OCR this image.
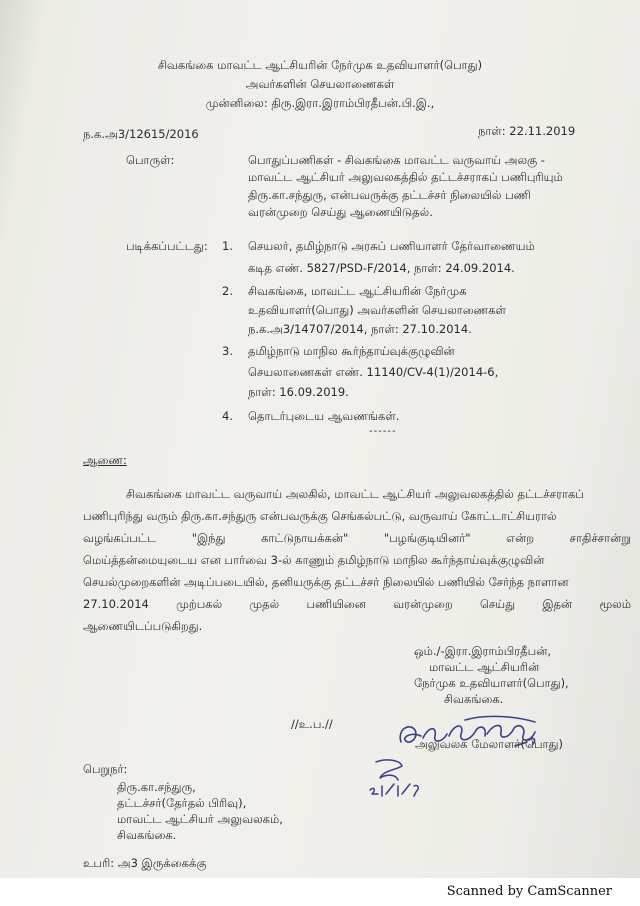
சிவகங்கை மாவட்ட ஆட்சியரின் நேர்முக உதவியாளர்(பொது)
அவர்களின் செயலாணைகள்
முன்னிலை: திரு.இரா.இராம்பிரதீபன்.பி.இ.,
ந.க.அ3/12615/2016	நாள்: 22.11.2019
பொருள்:	பொதுப்பணிகள் - சிவகங்கை மாவட்ட வருவாய் அலகு -
மாவட்ட ஆட்சியர் அலுவலகத்தில் தட்டச்சராகப் பணிபுரியும்
திரு.கா.சந்துரு, என்பவருக்கு தட்டச்சர் நிலையில் பணி
வரன்முறை செய்து ஆணையிடுதல்.
படிக்கப்பட்டது: 1. செயலர், தமிழ்நாடு அரசுப் பணியாளர் தேர்வாணையம்
கடித எண். 5827/PSD-F/2014, நாள்: 24.09.2014.
2. சிவகங்கை, மாவட்ட ஆட்சியரின் நேர்முக
உதவியாளர்(பொது) அவர்களின் செயலாணைகள்
ந.க.அ3/14707/2014, நாள்: 27.10.2014.
3. தமிழ்நாடு மாநில கூர்ந்தாய்வுக்குழுவின்
செயலாணைகள் எண். 11140/CV-4(1)/2014-6,
நாள்: 16.09.2019.
4. தொடர்புடைய ஆவணங்கள்.
------
ஆணை:
சிவகங்கை மாவட்ட வருவாய் அலகில், மாவட்ட ஆட்சியர் அலுவலகத்தில் தட்டச்சராகப்
பணிபுரிந்து வரும் திரு.கா.சந்துரு என்பவருக்கு செங்கல்பட்டு, வருவாய் கோட்டாட்சியரால்
வழங்கப்பட்ட	"இந்து	காட்டுநாயக்கன்"	"பழங்குடியினர்"	என்ற	சாதிச்சான்று
மெய்த்தன்மையுடைய என பார்வை 3-ல் காணும் தமிழ்நாடு மாநில கூர்ந்தாய்வுக்குழுவின்
செயல்முறைகளின் அடிப்படையில், தனியருக்கு தட்டச்சர் நிலையில் பணியில் சேர்ந்த நாளான
27.10.2014 முற்பகல் முதல் பணியினை வரன்முறை செய்து இதன் மூலம்
ஆணையிடப்படுகிறது.
ஒம்./-இரா.இராம்பிரதீபன்,
மாவட்ட ஆட்சியரின்
நேர்முக உதவியாளர்(பொது),
சிவகங்கை.
//உ.ப.//
அலுவலக மேலாளர்(பொது)
பெறுநர்:
திரு.கா.சந்துரு,
தட்டச்சர்(தேர்தல் பிரிவு),
மாவட்ட ஆட்சியர் அலுவலகம்,
சிவகங்கை.
உபரி: அ3 இருக்கைக்கு
Scanned by CamScanner
